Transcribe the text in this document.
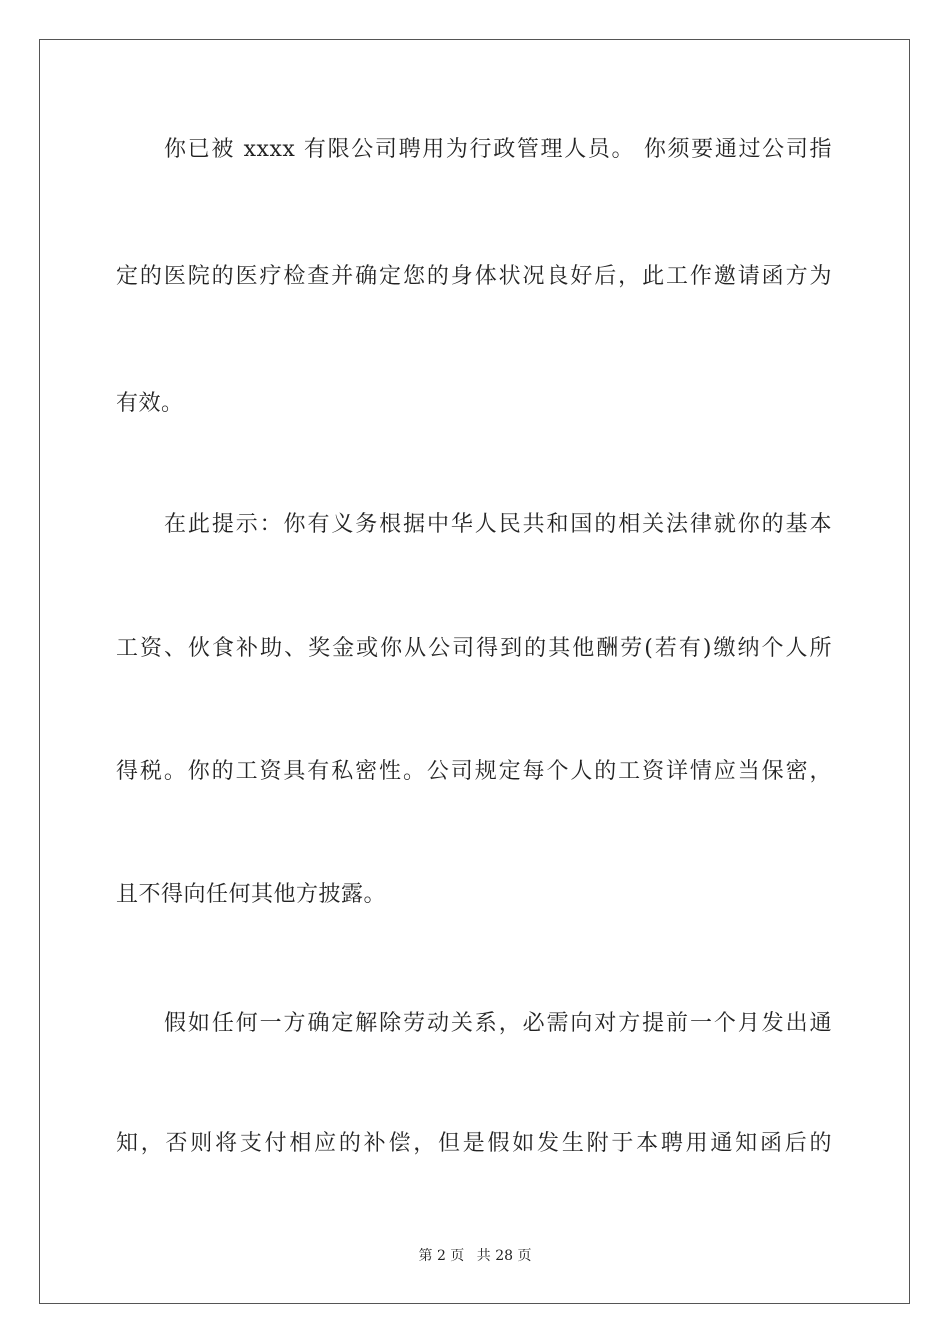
你已被 xxxx 有限公司聘用为行政管理人员。 你须要通过公司指
定的医院的医疗检查并确定您的身体状况良好后，此工作邀请函方为
有效。
在此提示：你有义务根据中华人民共和国的相关法律就你的基本
工资、伙食补助、奖金或你从公司得到的其他酬劳(若有)缴纳个人所
得税。你的工资具有私密性。公司规定每个人的工资详情应当保密，
且不得向任何其他方披露。
假如任何一方确定解除劳动关系，必需向对方提前一个月发出通
知，否则将支付相应的补偿，但是假如发生附于本聘用通知函后的
第 2 页 共 28 页
